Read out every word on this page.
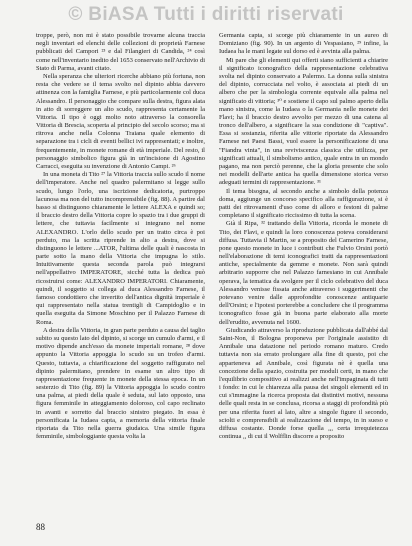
© BiASA Tutti i diritti riservati

troppe, però, non mi è stato possibile trovarne alcuna traccia negli inventari ed elenchi delle collezioni di proprietà Farnese pubblicati del Campori ²³ e dal Filangieri di Candida, ²⁴ così come nell'inventario inedito del 1653 conservato nell'Archivio di Stato di Parma, avanti citato.

Nella speranza che ulteriori ricerche abbiano più fortuna, non resta che vedere se il tema svolto nel dipinto abbia davvero attinenza con la famiglia Farnese, e più particolarmente col duca Alessandro. Il personaggio che compare sulla destra, figura alata in atto di sorreggere un alto scudo, rappresenta certamente la Vittoria. Il tipo è oggi molto noto attraverso la consorella Vittoria di Brescia, scoperta al principio del secolo scorso; ma si ritrova anche nella Colonna Traiana quale elemento di separazione tra i cicli di eventi bellici ivi rappresentati; e inoltre, frequentemente, in monete romane di età imperiale. Del resto, il personaggio simbolico figura già in un'incisione di Agostino Carracci, eseguita su invenzione di Antonio Campi. ²⁶

In una moneta di Tito ²⁷ la Vittoria traccia sullo scudo il nome dell'imperatore. Anche nel quadro palermitano si legge sullo scudo, lungo l'orlo, una iscrizione dedicatoria, purtroppo lacunosa ma non del tutto incomprensibile (fig. 88). A partire dal basso si distinguono chiaramente le lettere ALEXA e quindi so; il braccio destro della Vittoria copre lo spazio tra i due gruppi di lettere, che tuttavia facilmente si integrano nel nome ALEXANDRO. L'orlo dello scudo per un tratto circa è poi perduto, ma la scritta riprende in alto a destra, dove si distinguono le lettere ...ATOR, l'ultima delle quali è nascosta in parte sotto la mano della Vittoria che impugna lo stilo. Intuitivamente questa seconda parola può integrarsi nell'appellativo IMPERATORE, sicché tutta la dedica può ricostruirsi come: ALEXANDRO IMPERATORI. Chiaramente, quindi, il soggetto si collega al duca Alessandro Farnese, il famoso condottiero che invertito dell'antica dignità imperiale è qui rappresentato nella statua trentigli di Campidoglio e in quella eseguita da Simone Moschino per il Palazzo Farnese di Roma.

A destra della Vittoria, in gran parte perduto a causa del taglio subito su questo lato del dipinto, si scorge un cumulo d'armi, e il motivo dipende anch'esso da monete imperiali romane, ²⁸ dove appunto la Vittoria appoggia lo scudo su un trofeo d'armi. Questo, tuttavia, a chiarificazione del soggetto raffigurato nel dipinto palermitano, prendere in esame un altro tipo di rappresentazione frequente in monete della stessa epoca. In un sesterzio di Tito (fig. 89) la Vittoria appoggia lo scudo contro una palma, ai piedi della quale è seduta, sul lato opposto, una figura femminile in atteggiamento doloroso, col capo reclinato in avanti e sorretto dal braccio sinistro piegato. In essa è personificata la Iudaea capta, a memoria della vittoria finale riportata da Tito nella guerra giudaica. Una simile figura femminile, simbologgiante questa volta la

Germania capta, si scorge più chiaramente in un aureo di Domiziano (fig. 90). In un argento di Vespasiano, ²⁹ infine, la Iudaea ha le mani legate sul dorso ed è avvinta alla palma.

Mi pare che gli elementi qui offerti siano sufficienti a chiarire il significato iconografico della rappresentazione celebrativa svolta nel dipinto conservato a Palermo. La donna sulla sinistra del dipinto, corrucciata nel volto, è associata ai piedi di un albero che per la simbologia corrente equivale alla palma nel significato di vittoria; ³⁰ e sostiene il capo sul palmo aperto della mano sinistra, come la Iudaea o la Germania nelle monete dei Flavi; ha il braccio destro avvolto per mezzo di una catena al tronco dell'albero, a significare la sua condizione di "captiva". Essa si sostanzia, riferita alle vittorie riportate da Alessandro Farnese nei Paesi Bassi, vuol essere la personificazione di una "Fiandra vinta", in una reviviscenza classica che utilizza, per significati attuali, il simbolismo antico, quale entra in un mondo pagano, ma non perciò perenne, che la gloria presente che solo nei modelli dell'arte antica ha quella dimensione storica verso adeguati termini di rappresentazione. ³¹

Il tema bisogna, al secondo anche a simbolo della potenza doma, aggiunge un concorso specifico alla raffigurazione, si è patti dei ritrovamenti d'uso come di alloro e festoni di palme completano il significato riccissimo di tutta la scena.

Già il Ripa, ³² trattando della Vittoria, ricorda le monete di Tito, dei Flavi, e quindi la loro conoscenza poteva considerarsi diffusa. Tuttavia il Martin, se a proposito del Camerino Farnese, pone questo monete in luce i contributi che Fulvio Orsini portò nell'elaborazione di temi iconografici tratti da rappresentazioni antiche, specialmente da gemme e monete. Non sarà quindi arbitrario supporre che nel Palazzo farnesiano in cui Annibale operava, la tematica da svolgere per il ciclo celebrativo del duca Alessandro venisse fissata anche attraverso i suggerimenti che potevano venire dalle approfondite conoscenze antiquarie dell'Orsini; e l'ipotesi porterebbe a concludere che il programma iconografico fosse già in buona parte elaborato alla morte dell'erudito, avvenuta nel 1600.

Giudicando attraverso la riproduzione pubblicata dall'abbé dal Saint-Non, il Bologna proponeva per l'originale assistito di Annibale una datazione nel periodo romano maturo. Credo tuttavia non sia errato prolungare alla fine di questo, poi che apparteneva ad Annibale, così figurata nè è quella una concezione della spazio, costruita per moduli certi, in mano che l'equilibrio compositivo ai realizzi anche nell'impaginata di tutti i fondo: in cui le chiarezza alla pausa dei singoli elementi ed in cui s'immagine la ricerca proposta dai distintivi motivi, nessuna delle quali resta in se conclusa, ricorsa a staggi di profondità più per una riferita fuori al lato, altre a singole figure il secondo, sciolti e comprensibili ai realizzazione del tempo, in in sueso e diffusa costante. Donde forse quella ,,, certa irrequietezza continua ,, di cui il Wolfflin discorre a proposito

88
